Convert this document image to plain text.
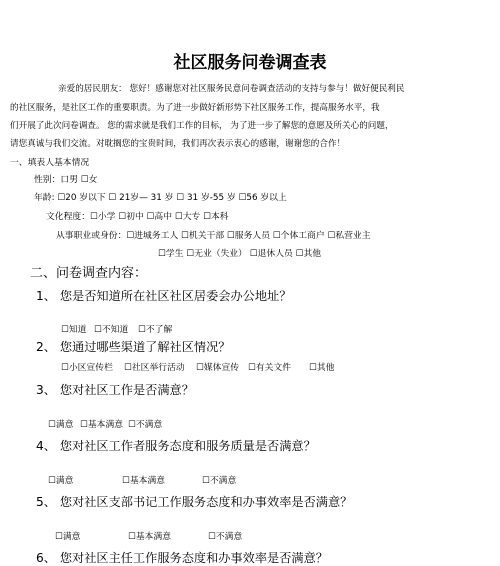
社区服务问卷调查表
亲爱的居民朋友： 您好！感谢您对社区服务民意问卷调查活动的支持与参与！做好便民利民
的社区服务，是社区工作的重要职责。为了进一步做好新形势下社区服务工作，提高服务水平，我
们开展了此次问卷调查。 您的需求就是我们工作的目标， 为了进一步了解您的意愿及所关心的问题，
请您真诚与我们交流。对耽搁您的宝贵时间，我们再次表示衷心的感谢，谢谢您的合作！
一、填表人基本情况
性别：口男 ☐女
年龄: ☐20 岁以下 ☐ 21岁— 31 岁 ☐ 31 岁-55 岁 ☐56 岁以上
文化程度：☐小学 ☐初中 ☐高中 ☐大专 ☐本科
从事职业或身份：☐进城务工人 ☐机关干部 ☐服务人员 ☐个体工商户 ☐私营业主
☐学生 ☐无业（失业） ☐退休人员 ☐其他
二、问卷调查内容：
1、 您是否知道所在社区社区居委会办公地址？
☐知道 ☐不知道 ☐不了解
2、 您通过哪些渠道了解社区情况？
☐小区宣传栏 ☐社区举行活动 ☐媒体宣传 ☐有关文件 ☐其他
3、 您对社区工作是否满意？
☐满意 ☐基本满意 ☐不满意
4、 您对社区工作者服务态度和服务质量是否满意？
☐满意	☐基本满意	☐不满意
5、 您对社区支部书记工作服务态度和办事效率是否满意？
☐满意	☐基本满意	☐不满意
6、 您对社区主任工作服务态度和办事效率是否满意？
